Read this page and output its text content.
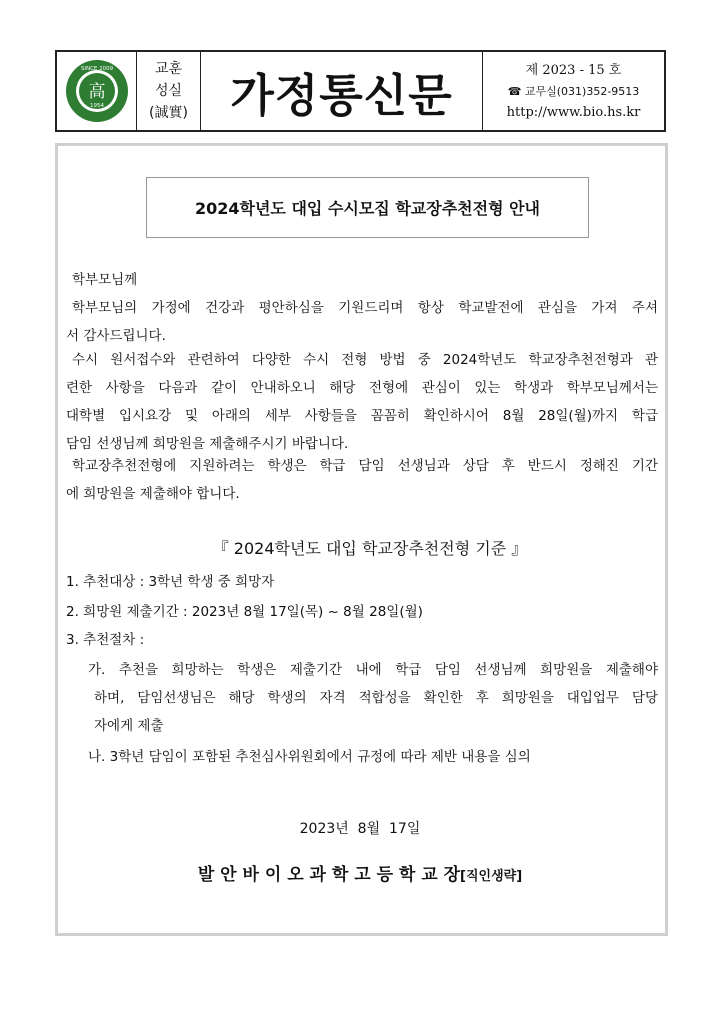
SINCE 2009
高
1954
교훈
성실
(誠實) 가정통신문	제 2023 - 15 호
☎ 교무실(031)352-9513
http://www.bio.hs.kr
2024학년도 대입 수시모집 학교장추천전형 안내
학부모님께
학부모님의 가정에 건강과 평안하심을 기원드리며 항상 학교발전에 관심을 가져 주셔
서 감사드립니다.
수시 원서접수와 관련하여 다양한 수시 전형 방법 중 2024학년도 학교장추천전형과 관
련한 사항을 다음과 같이 안내하오니 해당 전형에 관심이 있는 학생과 학부모님께서는
대학별 입시요강 및 아래의 세부 사항들을 꼼꼼히 확인하시어 8월 28일(월)까지 학급
담임 선생님께 희망원을 제출해주시기 바랍니다.
학교장추천전형에 지원하려는 학생은 학급 담임 선생님과 상담 후 반드시 정해진 기간
에 희망원을 제출해야 합니다.
『 2024학년도 대입 학교장추천전형 기준 』
1. 추천대상 : 3학년 학생 중 희망자
2. 희망원 제출기간 : 2023년 8월 17일(목) ~ 8월 28일(월)
3. 추천절차 :
가. 추천을 희망하는 학생은 제출기간 내에 학급 담임 선생님께 희망원을 제출해야
하며, 담임선생님은 해당 학생의 자격 적합성을 확인한 후 희망원을 대입업무 담당
자에게 제출
나. 3학년 담임이 포함된 추천심사위원회에서 규정에 따라 제반 내용을 심의
2023년  8월  17일
발 안 바 이 오 과 학 고 등 학 교 장[직인생략]
